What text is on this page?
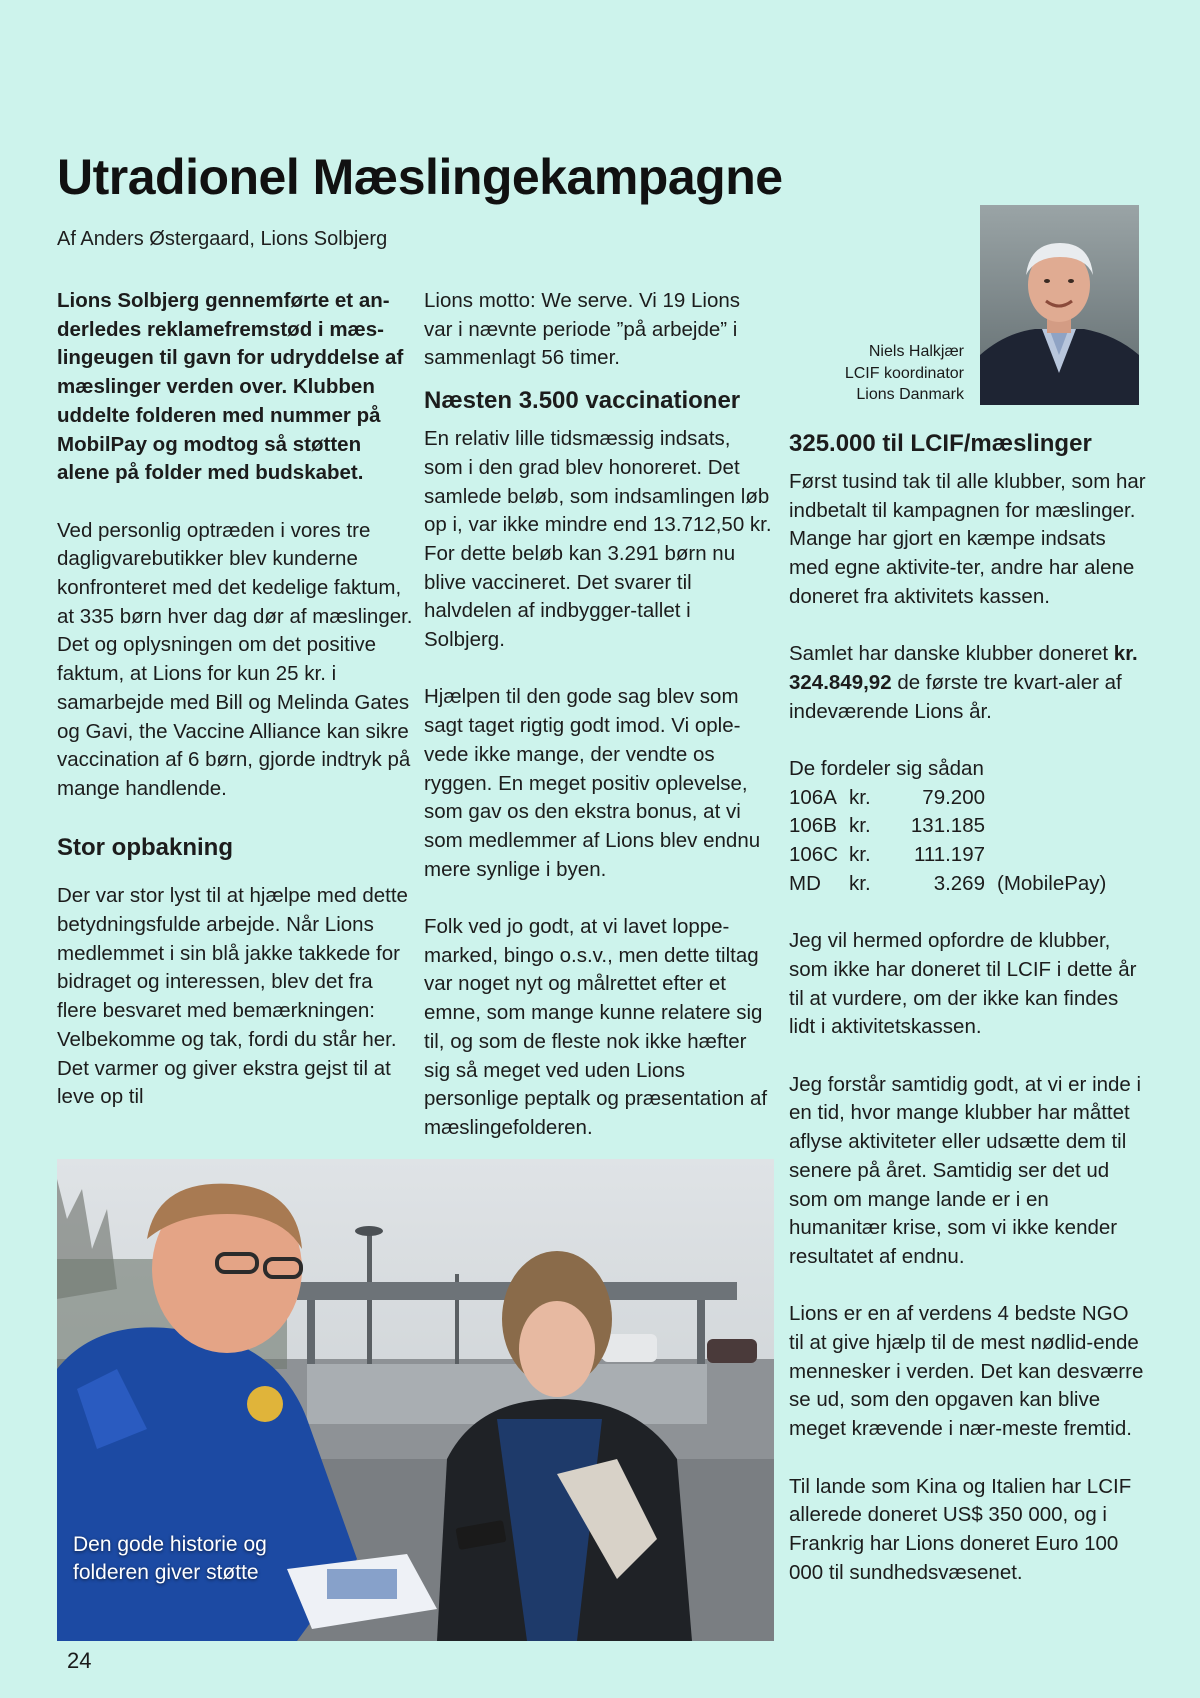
Utradionel Mæslingekampagne
Af Anders Østergaard, Lions Solbjerg

Lions Solbjerg gennemførte et an-derledes reklamefremstød i mæs-lingeugen til gavn for udryddelse af mæslinger verden over. Klubben uddelte folderen med nummer på MobilPay og modtog så støtten alene på folder med budskabet.

Ved personlig optræden i vores tre dagligvarebutikker blev kunderne konfronteret med det kedelige faktum, at 335 børn hver dag dør af mæslinger. Det og oplysningen om det positive faktum, at Lions for kun 25 kr. i samarbejde med Bill og Melinda Gates og Gavi, the Vaccine Alliance kan sikre vaccination af 6 børn, gjorde indtryk på mange handlende.

Stor opbakning

Der var stor lyst til at hjælpe med dette betydningsfulde arbejde. Når Lions medlemmet i sin blå jakke takkede for bidraget og interessen, blev det fra flere besvaret med bemærkningen: Velbekomme og tak, fordi du står her. Det varmer og giver ekstra gejst til at leve op til

Lions motto: We serve. Vi 19 Lions var i nævnte periode ”på arbejde” i sammenlagt 56 timer.

Næsten 3.500 vaccinationer

En relativ lille tidsmæssig indsats, som i den grad blev honoreret. Det samlede beløb, som indsamlingen løb op i, var ikke mindre end 13.712,50 kr. For dette beløb kan 3.291 børn nu blive vaccineret. Det svarer til halvdelen af indbygger-tallet i Solbjerg.

Hjælpen til den gode sag blev som sagt taget rigtig godt imod. Vi ople-vede ikke mange, der vendte os ryggen. En meget positiv oplevelse, som gav os den ekstra bonus, at vi som medlemmer af Lions blev endnu mere synlige i byen.

Folk ved jo godt, at vi lavet loppe-marked, bingo o.s.v., men dette tiltag var noget nyt og målrettet efter et emne, som mange kunne relatere sig til, og som de fleste nok ikke hæfter sig så meget ved uden Lions personlige peptalk og præsentation af mæslingefolderen.

Niels Halkjær
LCIF koordinator
Lions Danmark
325.000 til LCIF/mæslinger

Først tusind tak til alle klubber, som har indbetalt til kampagnen for mæslinger. Mange har gjort en kæmpe indsats med egne aktivite-ter, andre har alene doneret fra aktivitets kassen.

Samlet har danske klubber doneret kr. 324.849,92 de første tre kvart-aler af indeværende Lions år.

De fordeler sig sådan
106A	kr.	79.200	
106B	kr.	131.185	
106C	kr.	111.197	
MD	kr.	3.269	(MobilePay)

Jeg vil hermed opfordre de klubber, som ikke har doneret til LCIF i dette år til at vurdere, om der ikke kan findes lidt i aktivitetskassen.

Jeg forstår samtidig godt, at vi er inde i en tid, hvor mange klubber har måttet aflyse aktiviteter eller udsætte dem til senere på året. Samtidig ser det ud som om mange lande er i en humanitær krise, som vi ikke kender resultatet af endnu.

Lions er en af verdens 4 bedste NGO til at give hjælp til de mest nødlid-ende mennesker i verden. Det kan desværre se ud, som den opgaven kan blive meget krævende i nær-meste fremtid.

Til lande som Kina og Italien har LCIF allerede doneret US$ 350 000, og i Frankrig har Lions doneret Euro 100 000 til sundhedsvæsenet.

Den gode historie og
folderen giver støtte
24
